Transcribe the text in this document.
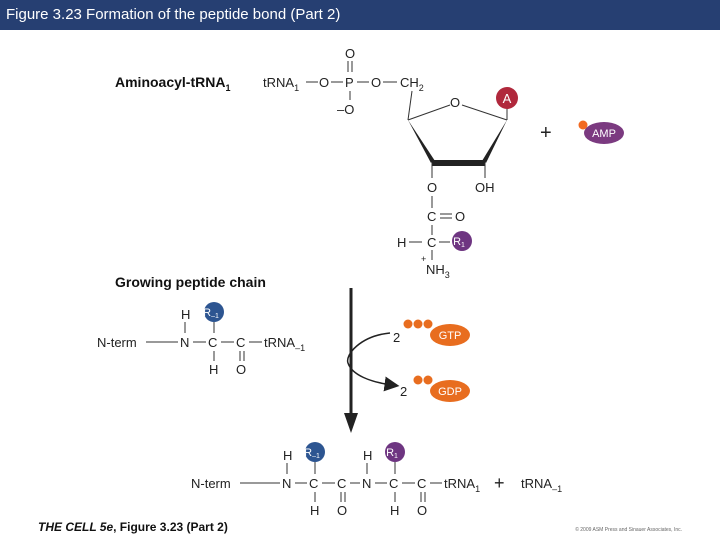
Figure 3.23 Formation of the peptide bond (Part 2)
Aminoacyl-tRNA$_1$	tRNA$_1$ O P O $CH_2$
O
–O	O	A
O	OH
+	AMP
C O
H C R1
+
$NH_3$
Growing peptide chain
N-term	N
H
C
R–1
H
C
O
tRNA$_{-1}$
2	GTP
2	GDP
N-term	N
H
C
R–1
H
C
O
N
H
C
R1
H
C
O
tRNA$_1$ + tRNA$_{-1}$
THE CELL 5e, Figure 3.23 (Part 2)	© 2009 ASM Press and Sinauer Associates, Inc.
